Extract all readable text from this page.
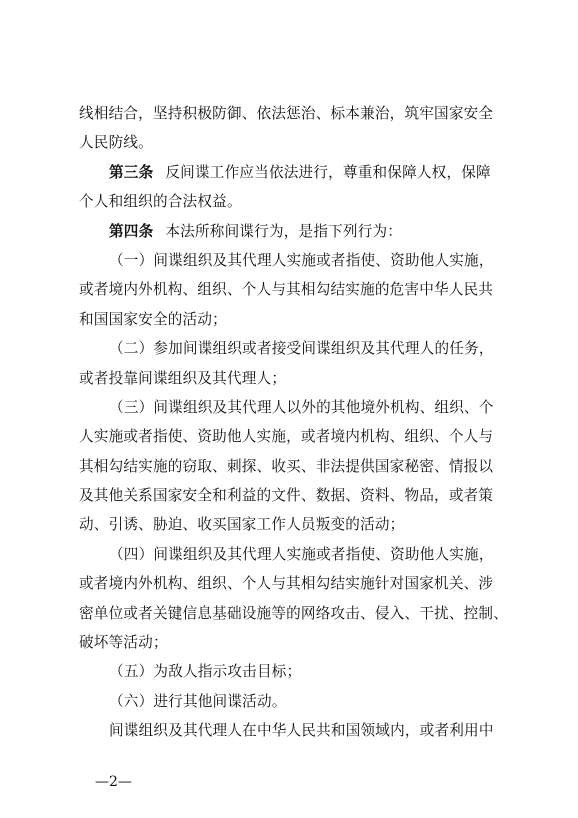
线相结合，坚持积极防御、依法惩治、标本兼治，筑牢国家安全
人民防线。
第三条 反间谍工作应当依法进行，尊重和保障人权，保障
个人和组织的合法权益。
第四条 本法所称间谍行为，是指下列行为：
（一）间谍组织及其代理人实施或者指使、资助他人实施，
或者境内外机构、组织、个人与其相勾结实施的危害中华人民共
和国国家安全的活动；
（二）参加间谍组织或者接受间谍组织及其代理人的任务，
或者投靠间谍组织及其代理人；
（三）间谍组织及其代理人以外的其他境外机构、组织、个
人实施或者指使、资助他人实施，或者境内机构、组织、个人与
其相勾结实施的窃取、刺探、收买、非法提供国家秘密、情报以
及其他关系国家安全和利益的文件、数据、资料、物品，或者策
动、引诱、胁迫、收买国家工作人员叛变的活动；
（四）间谍组织及其代理人实施或者指使、资助他人实施，
或者境内外机构、组织、个人与其相勾结实施针对国家机关、涉
密单位或者关键信息基础设施等的网络攻击、侵入、干扰、控制、
破坏等活动；
（五）为敌人指示攻击目标；
（六）进行其他间谍活动。
间谍组织及其代理人在中华人民共和国领域内，或者利用中
—2—
